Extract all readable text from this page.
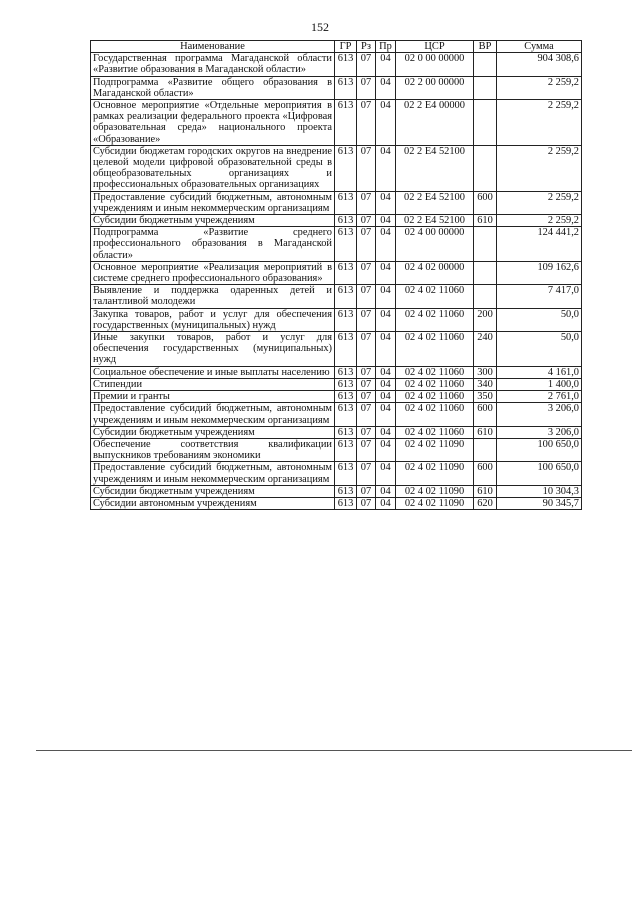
152
Наименование	ГР	Рз	Пр	ЦСР	ВР	Сумма
Государственная программа Магаданской области «Развитие образования в Магаданской области»	613	07	04	02 0 00 00000		904 308,6
Подпрограмма «Развитие общего образования в Магаданской области»	613	07	04	02 2 00 00000		2 259,2
Основное мероприятие «Отдельные мероприятия в рамках реализации федерального проекта «Цифровая образовательная среда» национального проекта «Образование»	613	07	04	02 2 E4 00000		2 259,2
Субсидии бюджетам городских округов на внедрение целевой модели цифровой образовательной среды в общеобразовательных организациях и профессиональных образовательных организациях	613	07	04	02 2 E4 52100		2 259,2
Предоставление субсидий бюджетным, автономным учреждениям и иным некоммерческим организациям	613	07	04	02 2 E4 52100	600	2 259,2
Субсидии бюджетным учреждениям	613	07	04	02 2 E4 52100	610	2 259,2
Подпрограмма «Развитие среднего профессионального образования в Магаданской области»	613	07	04	02 4 00 00000		124 441,2
Основное мероприятие «Реализация мероприятий в системе среднего профессионального образования»	613	07	04	02 4 02 00000		109 162,6
Выявление и поддержка одаренных детей и талантливой молодежи	613	07	04	02 4 02 11060		7 417,0
Закупка товаров, работ и услуг для обеспечения государственных (муниципальных) нужд	613	07	04	02 4 02 11060	200	50,0
Иные закупки товаров, работ и услуг для обеспечения государственных (муниципальных) нужд	613	07	04	02 4 02 11060	240	50,0
Социальное обеспечение и иные выплаты населению	613	07	04	02 4 02 11060	300	4 161,0
Стипендии	613	07	04	02 4 02 11060	340	1 400,0
Премии и гранты	613	07	04	02 4 02 11060	350	2 761,0
Предоставление субсидий бюджетным, автономным учреждениям и иным некоммерческим организациям	613	07	04	02 4 02 11060	600	3 206,0
Субсидии бюджетным учреждениям	613	07	04	02 4 02 11060	610	3 206,0
Обеспечение соответствия квалификации выпускников требованиям экономики	613	07	04	02 4 02 11090		100 650,0
Предоставление субсидий бюджетным, автономным учреждениям и иным некоммерческим организациям	613	07	04	02 4 02 11090	600	100 650,0
Субсидии бюджетным учреждениям	613	07	04	02 4 02 11090	610	10 304,3
Субсидии автономным учреждениям	613	07	04	02 4 02 11090	620	90 345,7
